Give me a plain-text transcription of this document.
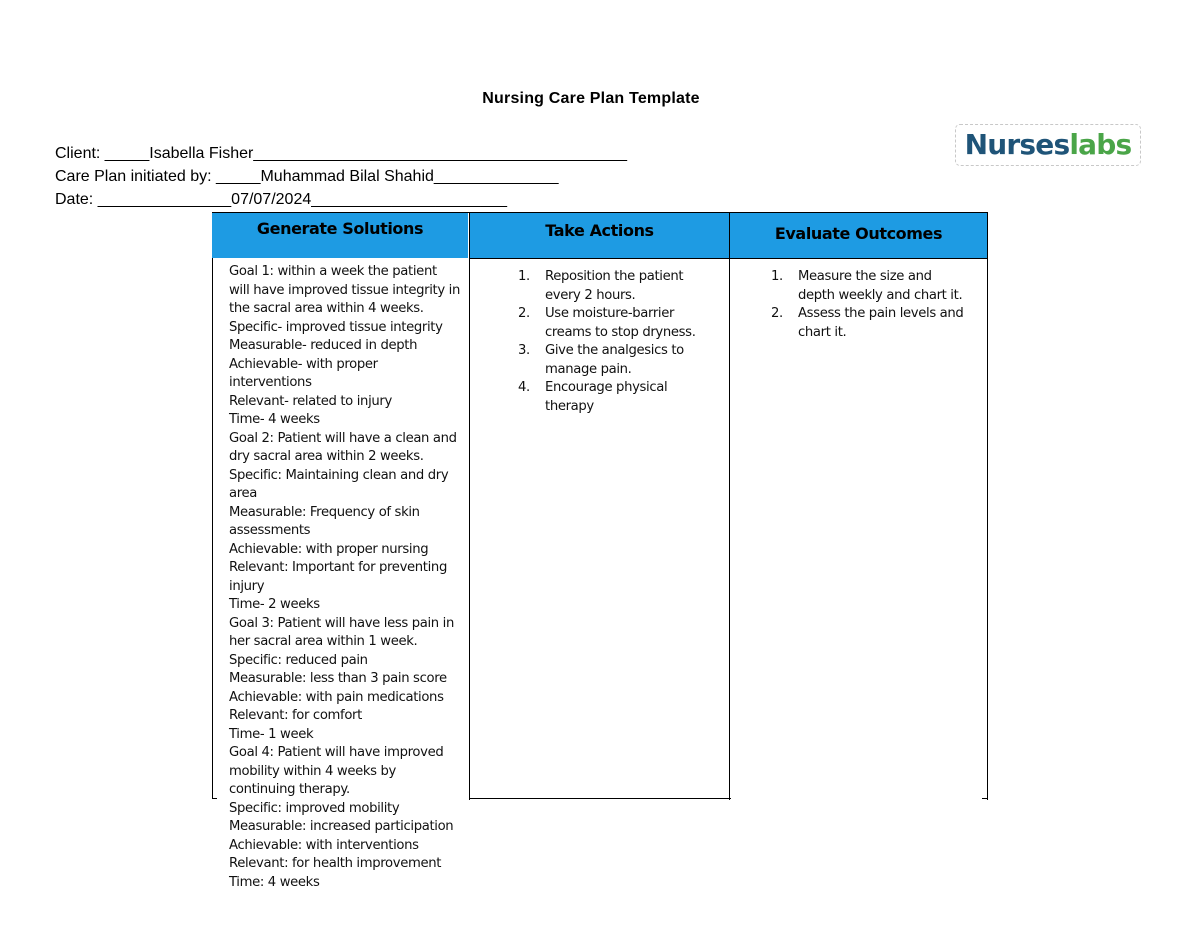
Nursing Care Plan Template
Client: _____Isabella Fisher__________________________________________
Care Plan initiated by: _____Muhammad Bilal Shahid______________
Date: _______________07/07/2024______________________
Nurseslabs
Generate Solutions	Take Actions	Evaluate Outcomes
Goal 1: within a week the patient
will have improved tissue integrity in
the sacral area within 4 weeks.
Specific- improved tissue integrity
Measurable- reduced in depth
Achievable- with proper
interventions
Relevant- related to injury
Time- 4 weeks
Goal 2: Patient will have a clean and
dry sacral area within 2 weeks.
Specific: Maintaining clean and dry
area
Measurable: Frequency of skin
assessments
Achievable: with proper nursing
Relevant: Important for preventing
injury
Time- 2 weeks
Goal 3: Patient will have less pain in
her sacral area within 1 week.
Specific: reduced pain
Measurable: less than 3 pain score
Achievable: with pain medications
Relevant: for comfort
Time- 1 week
Goal 4: Patient will have improved
mobility within 4 weeks by
continuing therapy.
Specific: improved mobility
Measurable: increased participation
Achievable: with interventions
Relevant: for health improvement
Time: 4 weeks
1. Reposition the patient
every 2 hours.
2. Use moisture-barrier
creams to stop dryness.
3. Give the analgesics to
manage pain.
4. Encourage physical
therapy
1. Measure the size and
depth weekly and chart it.
2. Assess the pain levels and
chart it.
